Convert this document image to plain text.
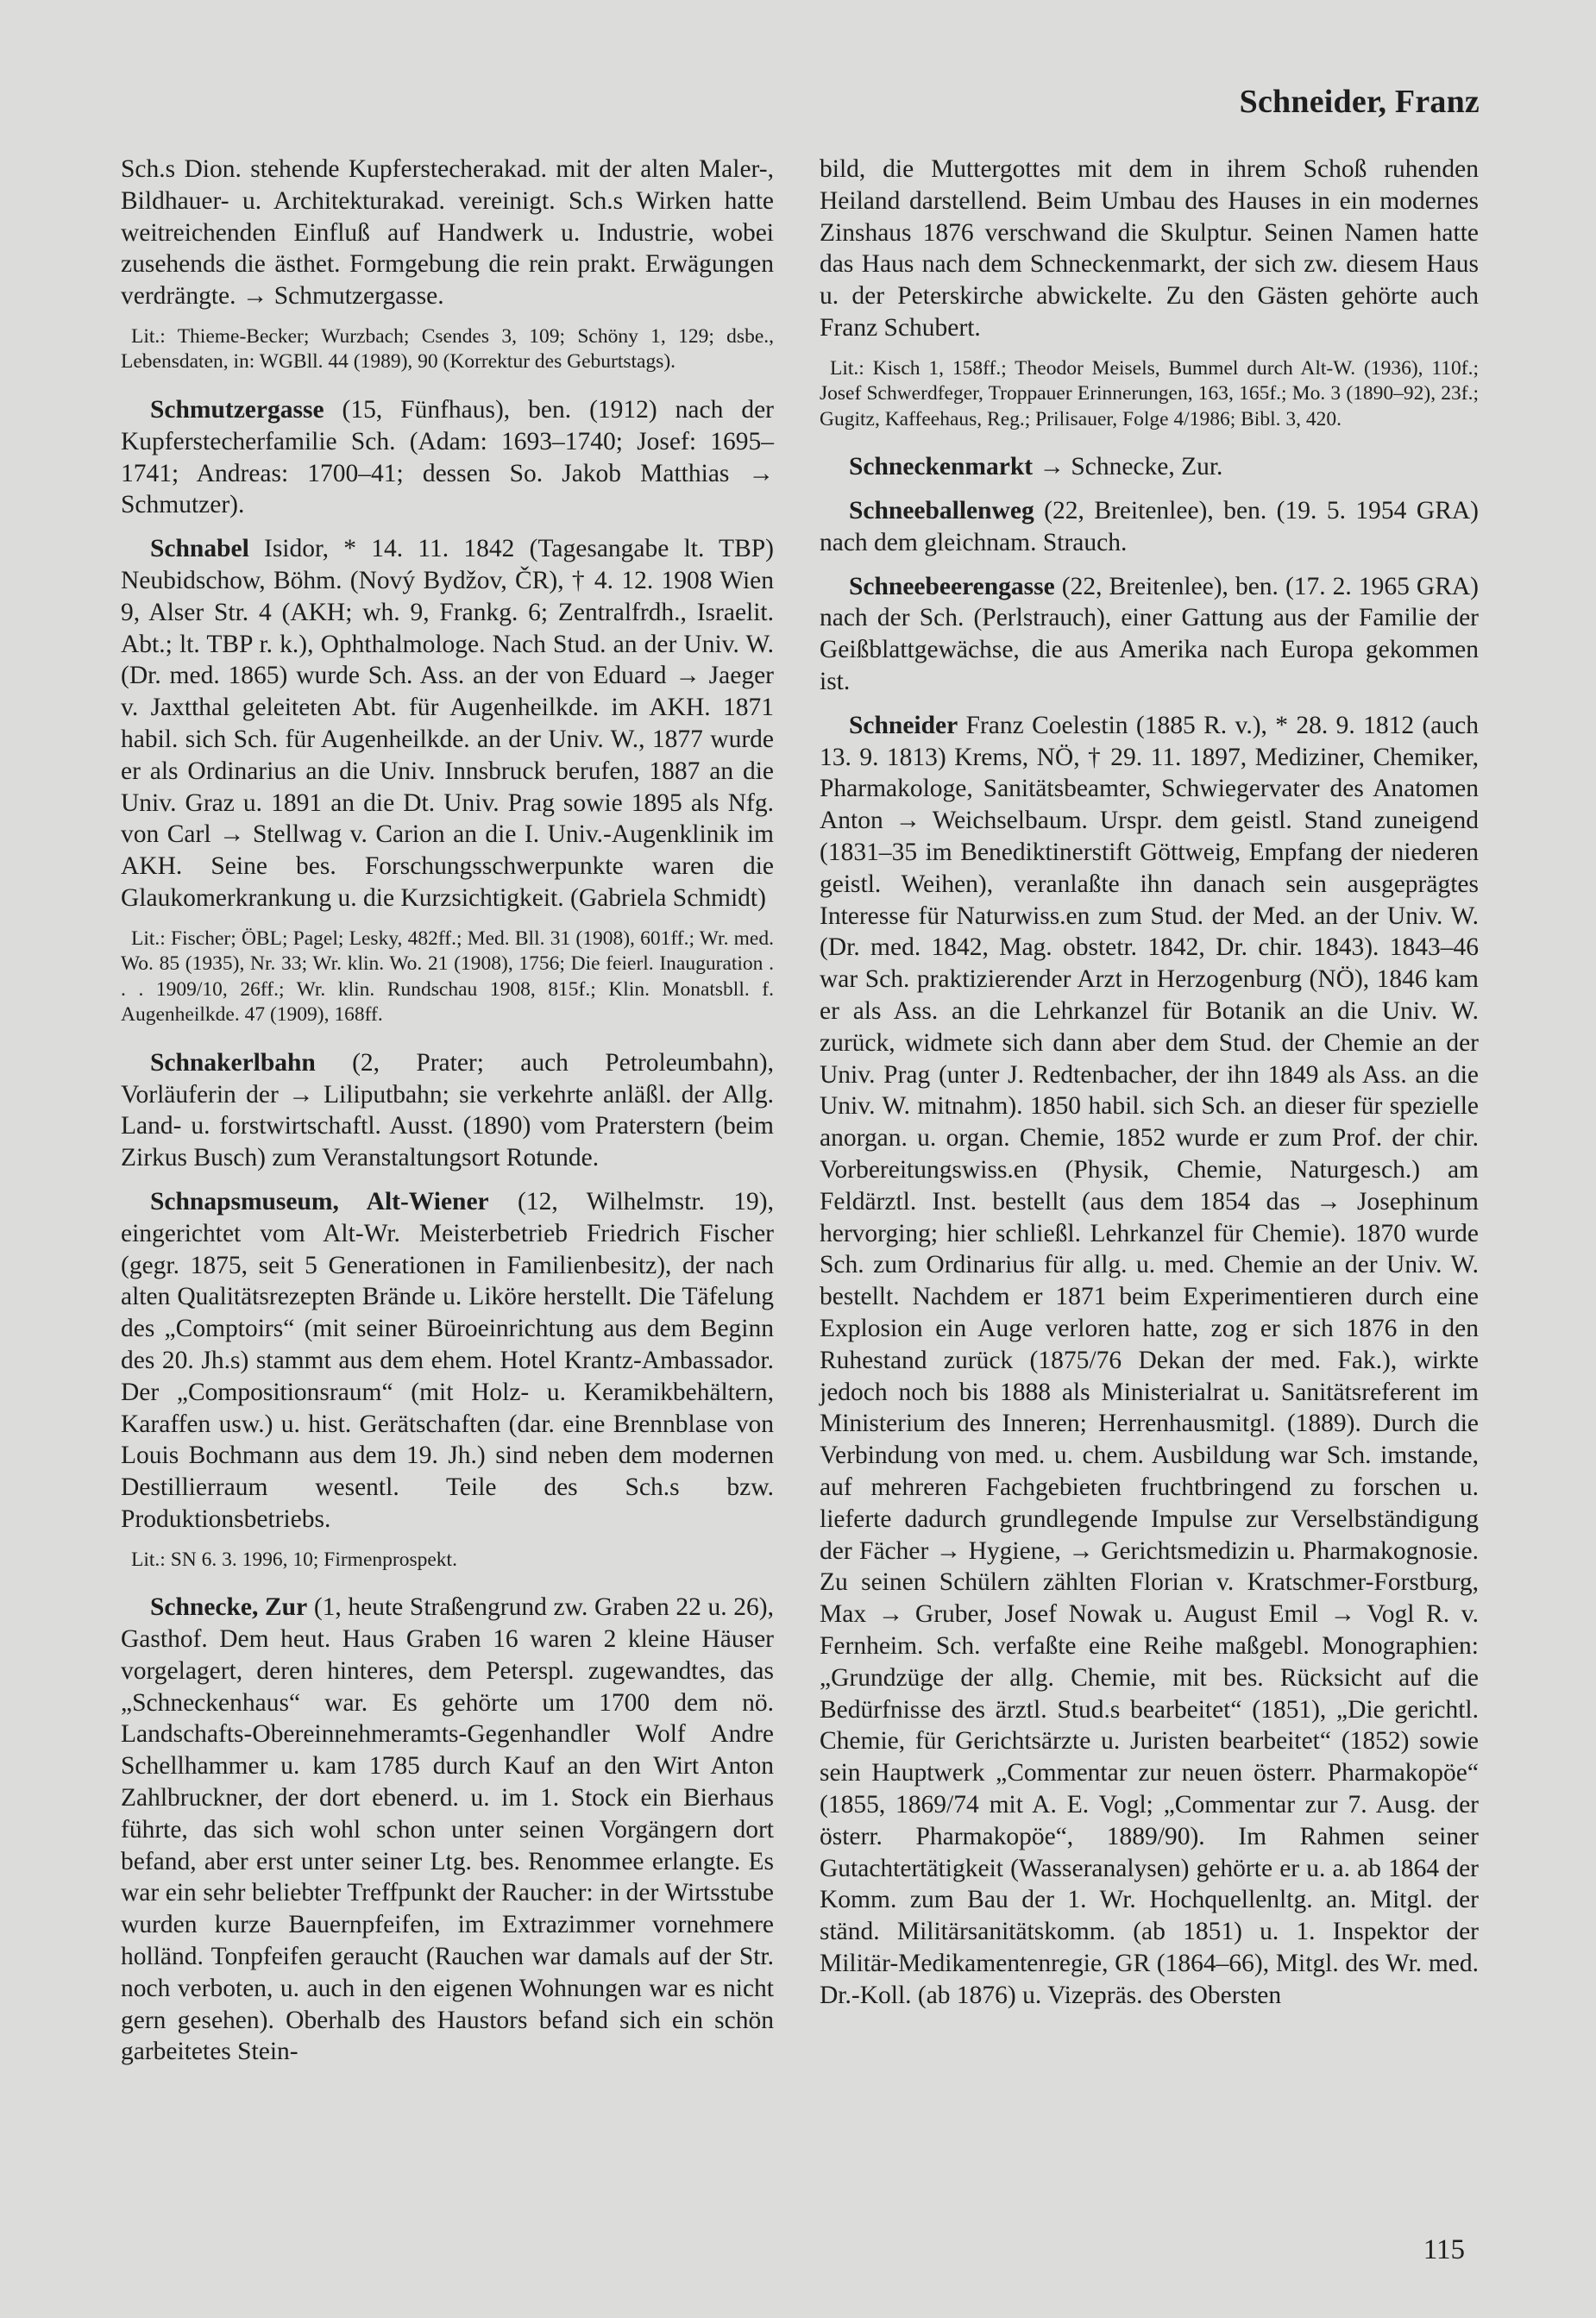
Schneider, Franz

Sch.s Dion. stehende Kupferstecherakad. mit der alten Maler-, Bildhauer- u. Architekturakad. vereinigt. Sch.s Wirken hatte weitreichenden Einfluß auf Handwerk u. Industrie, wobei zusehends die ästhet. Formgebung die rein prakt. Erwägungen verdrängte. → Schmutzergasse.

Lit.: Thieme-Becker; Wurzbach; Csendes 3, 109; Schöny 1, 129; dsbe., Lebensdaten, in: WGBll. 44 (1989), 90 (Korrektur des Geburtstags).

Schmutzergasse (15, Fünfhaus), ben. (1912) nach der Kupferstecherfamilie Sch. (Adam: 1693–1740; Josef: 1695–1741; Andreas: 1700–41; dessen So. Jakob Matthias → Schmutzer).

Schnabel Isidor, * 14. 11. 1842 (Tagesangabe lt. TBP) Neubidschow, Böhm. (Nový Bydžov, ČR), † 4. 12. 1908 Wien 9, Alser Str. 4 (AKH; wh. 9, Frankg. 6; Zentralfrdh., Israelit. Abt.; lt. TBP r. k.), Ophthalmologe. Nach Stud. an der Univ. W. (Dr. med. 1865) wurde Sch. Ass. an der von Eduard → Jaeger v. Jaxtthal geleiteten Abt. für Augenheilkde. im AKH. 1871 habil. sich Sch. für Augenheilkde. an der Univ. W., 1877 wurde er als Ordinarius an die Univ. Innsbruck berufen, 1887 an die Univ. Graz u. 1891 an die Dt. Univ. Prag sowie 1895 als Nfg. von Carl → Stellwag v. Carion an die I. Univ.-Augenklinik im AKH. Seine bes. Forschungsschwerpunkte waren die Glaukomerkrankung u. die Kurzsichtigkeit. (Gabriela Schmidt)

Lit.: Fischer; ÖBL; Pagel; Lesky, 482ff.; Med. Bll. 31 (1908), 601ff.; Wr. med. Wo. 85 (1935), Nr. 33; Wr. klin. Wo. 21 (1908), 1756; Die feierl. Inauguration . . . 1909/10, 26ff.; Wr. klin. Rundschau 1908, 815f.; Klin. Monatsbll. f. Augenheilkde. 47 (1909), 168ff.

Schnakerlbahn (2, Prater; auch Petroleumbahn), Vorläuferin der → Liliputbahn; sie verkehrte anläßl. der Allg. Land- u. forstwirtschaftl. Ausst. (1890) vom Praterstern (beim Zirkus Busch) zum Veranstaltungsort Rotunde.

Schnapsmuseum, Alt-Wiener (12, Wilhelmstr. 19), eingerichtet vom Alt-Wr. Meisterbetrieb Friedrich Fischer (gegr. 1875, seit 5 Generationen in Familienbesitz), der nach alten Qualitätsrezepten Brände u. Liköre herstellt. Die Täfelung des „Comptoirs“ (mit seiner Büroeinrichtung aus dem Beginn des 20. Jh.s) stammt aus dem ehem. Hotel Krantz-Ambassador. Der „Compositionsraum“ (mit Holz- u. Keramikbehältern, Karaffen usw.) u. hist. Gerätschaften (dar. eine Brennblase von Louis Bochmann aus dem 19. Jh.) sind neben dem modernen Destillierraum wesentl. Teile des Sch.s bzw. Produktionsbetriebs.

Lit.: SN 6. 3. 1996, 10; Firmenprospekt.

Schnecke, Zur (1, heute Straßengrund zw. Graben 22 u. 26), Gasthof. Dem heut. Haus Graben 16 waren 2 kleine Häuser vorgelagert, deren hinteres, dem Peterspl. zugewandtes, das „Schneckenhaus“ war. Es gehörte um 1700 dem nö. Landschafts-Obereinnehmeramts-Gegenhandler Wolf Andre Schellhammer u. kam 1785 durch Kauf an den Wirt Anton Zahlbruckner, der dort ebenerd. u. im 1. Stock ein Bierhaus führte, das sich wohl schon unter seinen Vorgängern dort befand, aber erst unter seiner Ltg. bes. Renommee erlangte. Es war ein sehr beliebter Treffpunkt der Raucher: in der Wirtsstube wurden kurze Bauernpfeifen, im Extrazimmer vornehmere holländ. Tonpfeifen geraucht (Rauchen war damals auf der Str. noch verboten, u. auch in den eigenen Wohnungen war es nicht gern gesehen). Oberhalb des Haustors befand sich ein schön garbeitetes Stein-

bild, die Muttergottes mit dem in ihrem Schoß ruhenden Heiland darstellend. Beim Umbau des Hauses in ein modernes Zinshaus 1876 verschwand die Skulptur. Seinen Namen hatte das Haus nach dem Schneckenmarkt, der sich zw. diesem Haus u. der Peterskirche abwickelte. Zu den Gästen gehörte auch Franz Schubert.

Lit.: Kisch 1, 158ff.; Theodor Meisels, Bummel durch Alt-W. (1936), 110f.; Josef Schwerdfeger, Troppauer Erinnerungen, 163, 165f.; Mo. 3 (1890–92), 23f.; Gugitz, Kaffeehaus, Reg.; Prilisauer, Folge 4/1986; Bibl. 3, 420.

Schneckenmarkt → Schnecke, Zur.

Schneeballenweg (22, Breitenlee), ben. (19. 5. 1954 GRA) nach dem gleichnam. Strauch.

Schneebeerengasse (22, Breitenlee), ben. (17. 2. 1965 GRA) nach der Sch. (Perlstrauch), einer Gattung aus der Familie der Geißblattgewächse, die aus Amerika nach Europa gekommen ist.

Schneider Franz Coelestin (1885 R. v.), * 28. 9. 1812 (auch 13. 9. 1813) Krems, NÖ, † 29. 11. 1897, Mediziner, Chemiker, Pharmakologe, Sanitätsbeamter, Schwiegervater des Anatomen Anton → Weichselbaum. Urspr. dem geistl. Stand zuneigend (1831–35 im Benediktinerstift Göttweig, Empfang der niederen geistl. Weihen), veranlaßte ihn danach sein ausgeprägtes Interesse für Naturwiss.en zum Stud. der Med. an der Univ. W. (Dr. med. 1842, Mag. obstetr. 1842, Dr. chir. 1843). 1843–46 war Sch. praktizierender Arzt in Herzogenburg (NÖ), 1846 kam er als Ass. an die Lehrkanzel für Botanik an die Univ. W. zurück, widmete sich dann aber dem Stud. der Chemie an der Univ. Prag (unter J. Redtenbacher, der ihn 1849 als Ass. an die Univ. W. mitnahm). 1850 habil. sich Sch. an dieser für spezielle anorgan. u. organ. Chemie, 1852 wurde er zum Prof. der chir. Vorbereitungswiss.en (Physik, Chemie, Naturgesch.) am Feldärztl. Inst. bestellt (aus dem 1854 das → Josephinum hervorging; hier schließl. Lehrkanzel für Chemie). 1870 wurde Sch. zum Ordinarius für allg. u. med. Chemie an der Univ. W. bestellt. Nachdem er 1871 beim Experimentieren durch eine Explosion ein Auge verloren hatte, zog er sich 1876 in den Ruhestand zurück (1875/76 Dekan der med. Fak.), wirkte jedoch noch bis 1888 als Ministerialrat u. Sanitätsreferent im Ministerium des Inneren; Herrenhausmitgl. (1889). Durch die Verbindung von med. u. chem. Ausbildung war Sch. imstande, auf mehreren Fachgebieten fruchtbringend zu forschen u. lieferte dadurch grundlegende Impulse zur Verselbständigung der Fächer → Hygiene, → Gerichtsmedizin u. Pharmakognosie. Zu seinen Schülern zählten Florian v. Kratschmer-Forstburg, Max → Gruber, Josef Nowak u. August Emil → Vogl R. v. Fernheim. Sch. verfaßte eine Reihe maßgebl. Monographien: „Grundzüge der allg. Chemie, mit bes. Rücksicht auf die Bedürfnisse des ärztl. Stud.s bearbeitet“ (1851), „Die gerichtl. Chemie, für Gerichtsärzte u. Juristen bearbeitet“ (1852) sowie sein Hauptwerk „Commentar zur neuen österr. Pharmakopöe“ (1855, 1869/74 mit A. E. Vogl; „Commentar zur 7. Ausg. der österr. Pharmakopöe“, 1889/90). Im Rahmen seiner Gutachtertätigkeit (Wasseranalysen) gehörte er u. a. ab 1864 der Komm. zum Bau der 1. Wr. Hochquellenltg. an. Mitgl. der ständ. Militärsanitätskomm. (ab 1851) u. 1. Inspektor der Militär-Medikamentenregie, GR (1864–66), Mitgl. des Wr. med. Dr.-Koll. (ab 1876) u. Vizepräs. des Obersten

115
